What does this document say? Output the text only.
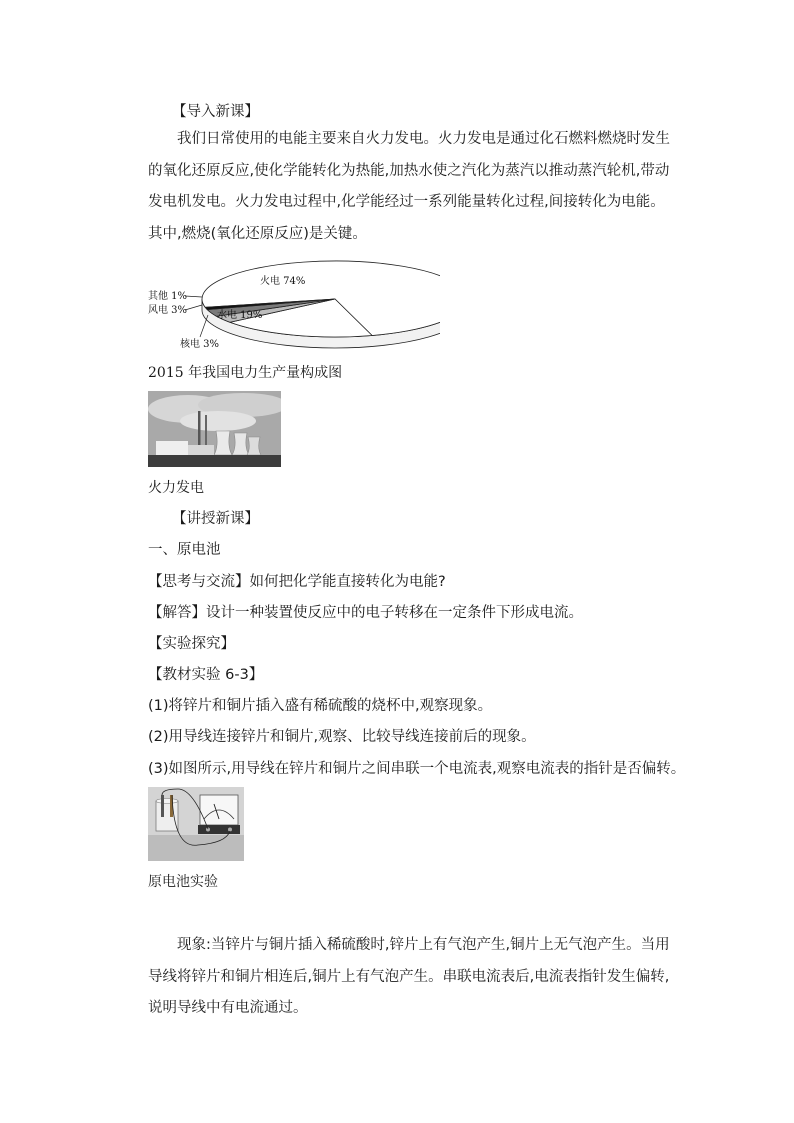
【导入新课】
我们日常使用的电能主要来自火力发电。火力发电是通过化石燃料燃烧时发生的氧化还原反应,使化学能转化为热能,加热水使之汽化为蒸汽以推动蒸汽轮机,带动发电机发电。火力发电过程中,化学能经过一系列能量转化过程,间接转化为电能。其中,燃烧(氧化还原反应)是关键。
火电 74%
水电 19%
核电 3%
风电 3%
其他 1%
2015 年我国电力生产量构成图
火力发电
【讲授新课】
一、原电池
【思考与交流】如何把化学能直接转化为电能?
【解答】设计一种装置使反应中的电子转移在一定条件下形成电流。
【实验探究】
【教材实验 6-3】
(1)将锌片和铜片插入盛有稀硫酸的烧杯中,观察现象。
(2)用导线连接锌片和铜片,观察、比较导线连接前后的现象。
(3)如图所示,用导线在锌片和铜片之间串联一个电流表,观察电流表的指针是否偏转。
原电池实验
现象:当锌片与铜片插入稀硫酸时,锌片上有气泡产生,铜片上无气泡产生。当用导线将锌片和铜片相连后,铜片上有气泡产生。串联电流表后,电流表指针发生偏转,说明导线中有电流通过。
